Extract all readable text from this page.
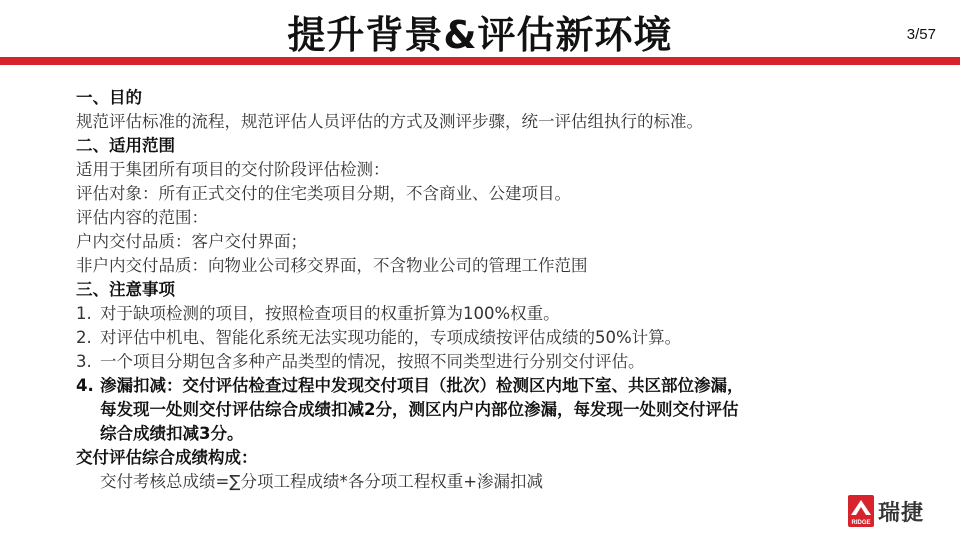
提升背景&评估新环境	3/57
一、目的
规范评估标准的流程，规范评估人员评估的方式及测评步骤，统一评估组执行的标准。
二、适用范围
适用于集团所有项目的交付阶段评估检测：
评估对象：所有正式交付的住宅类项目分期，不含商业、公建项目。
评估内容的范围：
户内交付品质：客户交付界面；
非户内交付品质：向物业公司移交界面，不含物业公司的管理工作范围
三、注意事项
1. 对于缺项检测的项目，按照检查项目的权重折算为100%权重。
2. 对评估中机电、智能化系统无法实现功能的，专项成绩按评估成绩的50%计算。
3. 一个项目分期包含多种产品类型的情况，按照不同类型进行分别交付评估。
4. 渗漏扣减：交付评估检查过程中发现交付项目（批次）检测区内地下室、共区部位渗漏，
每发现一处则交付评估综合成绩扣减2分，测区内户内部位渗漏，每发现一处则交付评估
综合成绩扣减3分。
交付评估综合成绩构成：
交付考核总成绩=∑分项工程成绩*各分项工程权重+渗漏扣减
RIDGE 瑞捷
